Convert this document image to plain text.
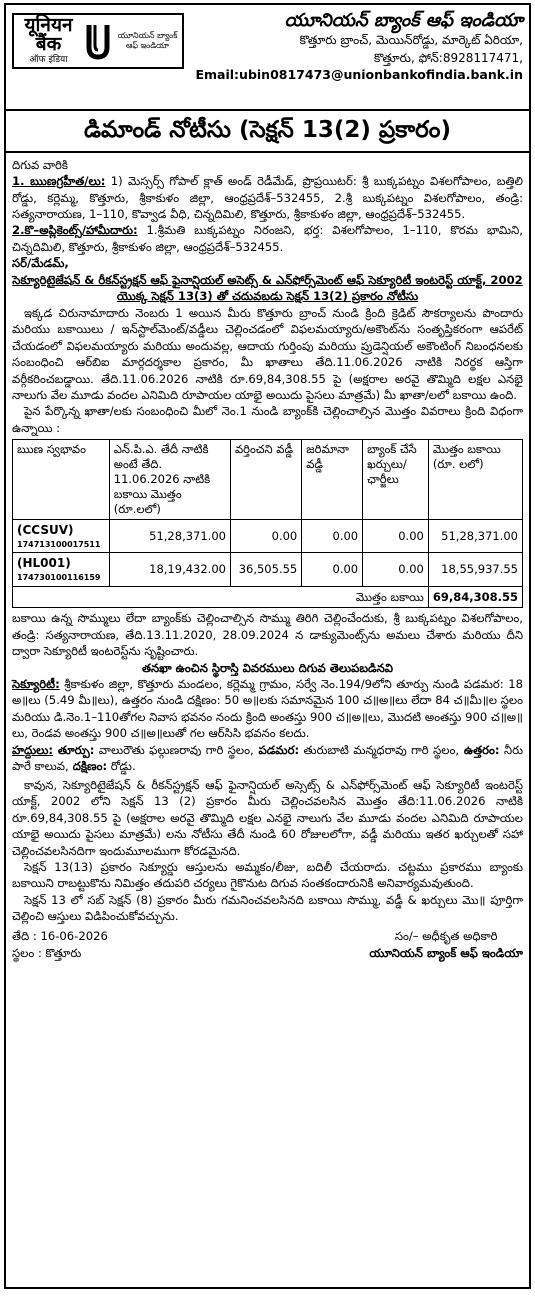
यूनियन बैंक
ऑफ इंडिया
యూనియన్ బ్యాంక్
ఆఫ్ ఇండియా
యూనియన్ బ్యాంక్ ఆఫ్ ఇండియా
కొత్తూరు బ్రాంచ్, మెయిన్‌రోడ్డు, మార్కెట్ ఏరియా,
కొత్తూరు, ఫోన్:8928117471,
Email:ubin0817473@unionbankofindia.bank.in
డిమాండ్ నోటీసు (సెక్షన్ 13(2) ప్రకారం)

దిగువ వారికి

1. ఋణగ్రహీత/లు: 1) మెస్సర్స్ గోపాల్ క్లాత్ అండ్ రెడీమేడ్, ప్రొప్రయిటర్: శ్రీ బుక్కపట్నం విశలగోపాలం, బత్తిలి రోడ్డు, కర్లెమ్మ, కొత్తూరు, శ్రీకాకుళం జిల్లా, ఆంధ్రప్రదేశ్–532455, 2.శ్రీ బుక్కపట్నం విశలగోపాలం, తండ్రి: సత్యనారాయణ, 1–110, కొవ్వాడ వీధి, చిన్నదిమిలి, కొత్తూరు, శ్రీకాకుళం జిల్లా, ఆంధ్రప్రదేశ్–532455.

2.కొ–అప్లికెంట్స్/హామీదారు: 1.శ్రీమతి బుక్కపట్నం నిరంజని, భర్త: విశలగోపాలం, 1–110, కొరమ భామిని, చిన్నదిమిలి, కొత్తూరు, శ్రీకాకుళం జిల్లా, ఆంధ్రప్రదేశ్–532455.

సర్/మేడమ్,

సెక్యూరిటైజేషన్ & రీకన్‌స్ట్రక్షన్ ఆఫ్ ఫైనాన్షియల్ అసెట్స్ & ఎన్‌ఫోర్స్‌మెంట్ ఆఫ్ సెక్యూరిటీ ఇంటరెస్ట్ యాక్ట్, 2002 యొక్క సెక్షన్ 13(3) తో చదువబడు సెక్షన్ 13(2) ప్రకారం నోటీసు

ఇక్కడ చిరునామాదారు నెంబరు 1 అయిన మీరు కొత్తూరు బ్రాంచ్ నుండి క్రింది క్రెడిట్ సౌకర్యాలను పొందారు మరియు బకాయిలు / ఇన్‌స్టాల్‌మెంట్/వడ్డీలు చెల్లించడంలో విఫలమయ్యారు/అకౌంట్‌ను సంతృప్తికరంగా ఆపరేట్ చేయడంలో విఫలమయ్యారు మరియు అందువల్ల, ఆదాయ గుర్తింపు మరియు ప్రుడెన్షియల్ అకౌంటింగ్ నిబంధనలకు సంబంధించి ఆర్‌బిఐ మార్గదర్శకాల ప్రకారం, మీ ఖాతాలు తేది.11.06.2026 నాటికి నిరర్థక ఆస్తిగా వర్గీకరించబడ్డాయి. తేది.11.06.2026 నాటికి రూ.69,84,308.55 పై (అక్షరాల అరవై తొమ్మిది లక్షల ఎనభై నాలుగు వేల మూడు వందల ఎనిమిది రూపాయల యాభై అయిదు పైసలు మాత్రమే) మీ ఖాతా/లలో బకాయి ఉంది.

పైన పేర్కొన్న ఖాతా/లకు సంబంధించి మీలో నెం.1 నుండి బ్యాంక్‌కి చెల్లించాల్సిన మొత్తం వివరాలు క్రింది విధంగా ఉన్నాయి :

ఋణ స్వభావం	ఎన్.పి.ఎ. తేదీ నాటికి అంటే తేది. 11.06.2026 నాటికి బకాయి మొత్తం (రూ.లలో)	వర్తించని వడ్డీ	జరిమానా వడ్డీ	బ్యాంక్ చేసే ఖర్చులు/ ఛార్జీలు	మొత్తం బకాయి (రూ. లలో)

(CCSUV)
174713100017511	51,28,371.00	0.00	0.00	0.00	51,28,371.00

(HL001)
174730100116159	18,19,432.00	36,505.55	0.00	0.00	18,55,937.55
మొత్తం బకాయి					69,84,308.55

బకాయి ఉన్న సొమ్ములు లేదా బ్యాంక్‌కు చెల్లించాల్సిన సొమ్ము తిరిగి చెల్లించేందుకు, శ్రీ బుక్కపట్నం విశలగోపాలం, తండ్రి: సత్యనారాయణ, తేది.13.11.2020, 28.09.2024 న డాక్యుమెంట్స్‌ను అమలు చేశారు మరియు దీని ద్వారా సెక్యూరిటీ ఇంటరెస్ట్‌ను సృష్టించారు.

తనఖా ఉంచిన స్థిరాస్తి వివరములు దిగువ తెలుపబడినవి

సెక్యూరిటీ: శ్రీకాకుళం జిల్లా, కొత్తూరు మండలం, కర్లెమ్మ గ్రామం, సర్వే నెం.194/9లోని తూర్పు నుండి పడమర: 18 అ॥లు (5.49 మీ॥లు), ఉత్తరం నుండి దక్షిణం: 50 అ॥లకు సమానమైన 100 చ॥అ॥లు లేదా 84 చ॥మీ॥ల స్థలం మరియు డి.నెం.1–110తోగల నివాస భవనం నందు క్రింది అంతస్తు 900 చ॥అ॥లు, మొదటి అంతస్తు 900 చ॥అ॥లు, రెండవ అంతస్తు 900 చ॥అ॥లుతో గల ఆర్‌సిసి భవనం కలదు.

హద్దులు: తూర్పు: వాలురౌతు ఫల్గుణరావు గారి స్థలం, పడమర: తురుబాటి మన్మధరావు గారి స్థలం, ఉత్తరం: నీరు పారే కాలువ, దక్షిణం: రోడ్డు.

కావున, సెక్యూరిటైజేషన్ & రీకన్‌స్ట్రక్షన్ ఆఫ్ ఫైనాన్షియల్ అస్సెట్స్ & ఎన్‌ఫోర్స్‌మెంట్ ఆఫ్ సెక్యూరిటీ ఇంటరెస్ట్ యాక్ట్, 2002 లోని సెక్షన్ 13 (2) ప్రకారం మీరు చెల్లించవలసిన మొత్తం తేది:11.06.2026 నాటికి రూ.69,84,308.55 పై (అక్షరాల అరవై తొమ్మిది లక్షల ఎనభై నాలుగు వేల మూడు వందల ఎనిమిది రూపాయల యాభై అయిదు పైసలు మాత్రమే) లను నోటీసు తేదీ నుండి 60 రోజులలోగా, వడ్డీ మరియు ఇతర ఖర్చులతో సహా చెల్లించవలసినదిగా ఇందుమూలముగా కోరడమైనది.

సెక్షన్ 13(13) ప్రకారం సెక్యూర్డు ఆస్తులను అమ్మకం/లీజు, బదిలీ చేయరాదు. చట్టము ప్రకారము బ్యాంకు బకాయిని రాబట్టుకొను నిమిత్తం తదుపరి చర్యలు గైకొనుట దిగువ సంతకందారునికి అనివార్యమవుతుంది.

సెక్షన్ 13 లో సబ్ సెక్షన్ (8) ప్రకారం మీరు గమనించవలసినది బకాయి సొమ్ము, వడ్డీ & ఖర్చులు మొ॥ పూర్తిగా చెల్లించి ఆస్తులు విడిపించుకోవచ్చును.

తేది : 16-06-2026
స్థలం : కొత్తూరు
సం/– అధీకృత అధికారి
యూనియన్ బ్యాంక్ ఆఫ్ ఇండియా
